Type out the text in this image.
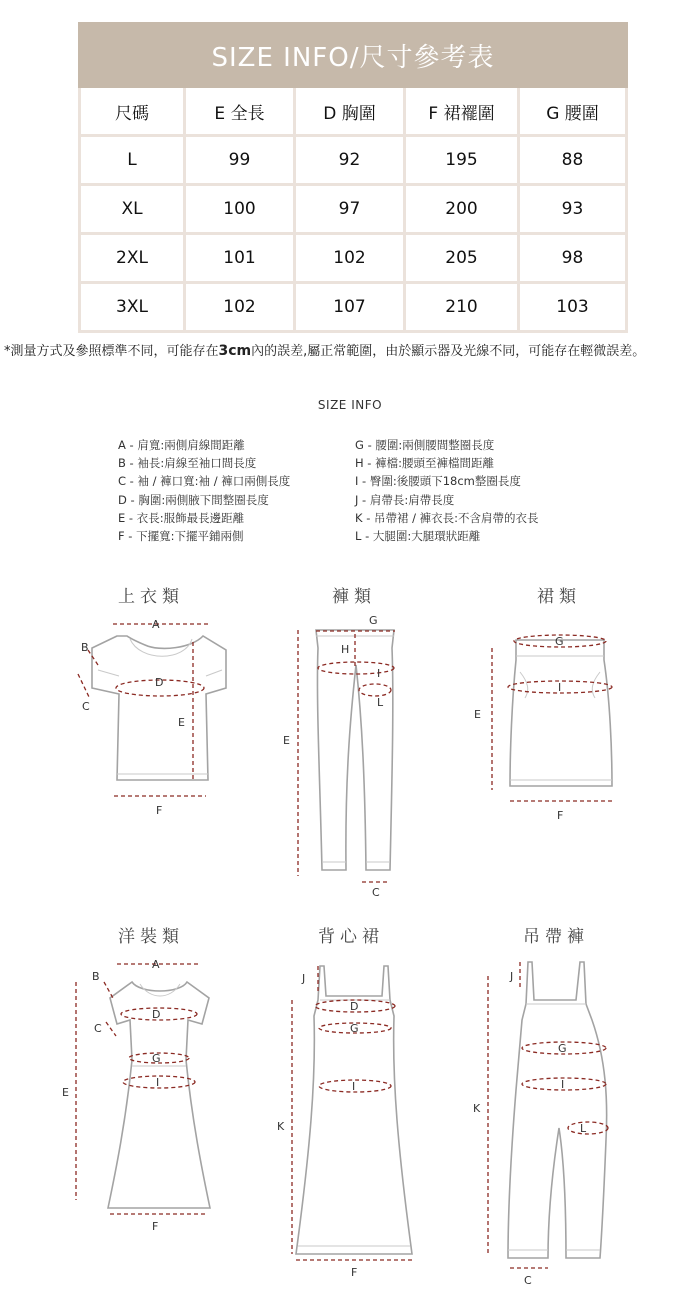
SIZE INFO/尺寸參考表
尺碼	E 全長	D 胸圍	F 裙襬圍	G 腰圍
L	99	92	195	88
XL	100	97	200	93
2XL	101	102	205	98
3XL	102	107	210	103
*測量方式及參照標準不同，可能存在3cm內的誤差,屬正常範圍，由於顯示器及光線不同，可能存在輕微誤差。
SIZE INFO
A - 肩寬:兩側肩線間距離
B - 袖長:肩線至袖口間長度
C - 袖 / 褲口寬:袖 / 褲口兩側長度
D - 胸圍:兩側腋下間整圈長度
E - 衣長:服飾最長邊距離
F - 下擺寬:下擺平鋪兩側
G - 腰圍:兩側腰間整圈長度
H - 褲檔:腰頭至褲檔間距離
I - 臀圍:後腰頭下18cm整圈長度
J - 肩帶長:肩帶長度
K - 吊帶裙 / 褲衣長:不含肩帶的衣長
L - 大腿圍:大腿環狀距離
上衣類	褲類	裙類
洋裝類	背心裙	吊帶褲
A
B
C
D
E
F
G
H
I
L
E
C
G
I
E
F
A
B
C
D
G
I
E
F
J
D
G
I
K
F
J
G
I
L
K
C
